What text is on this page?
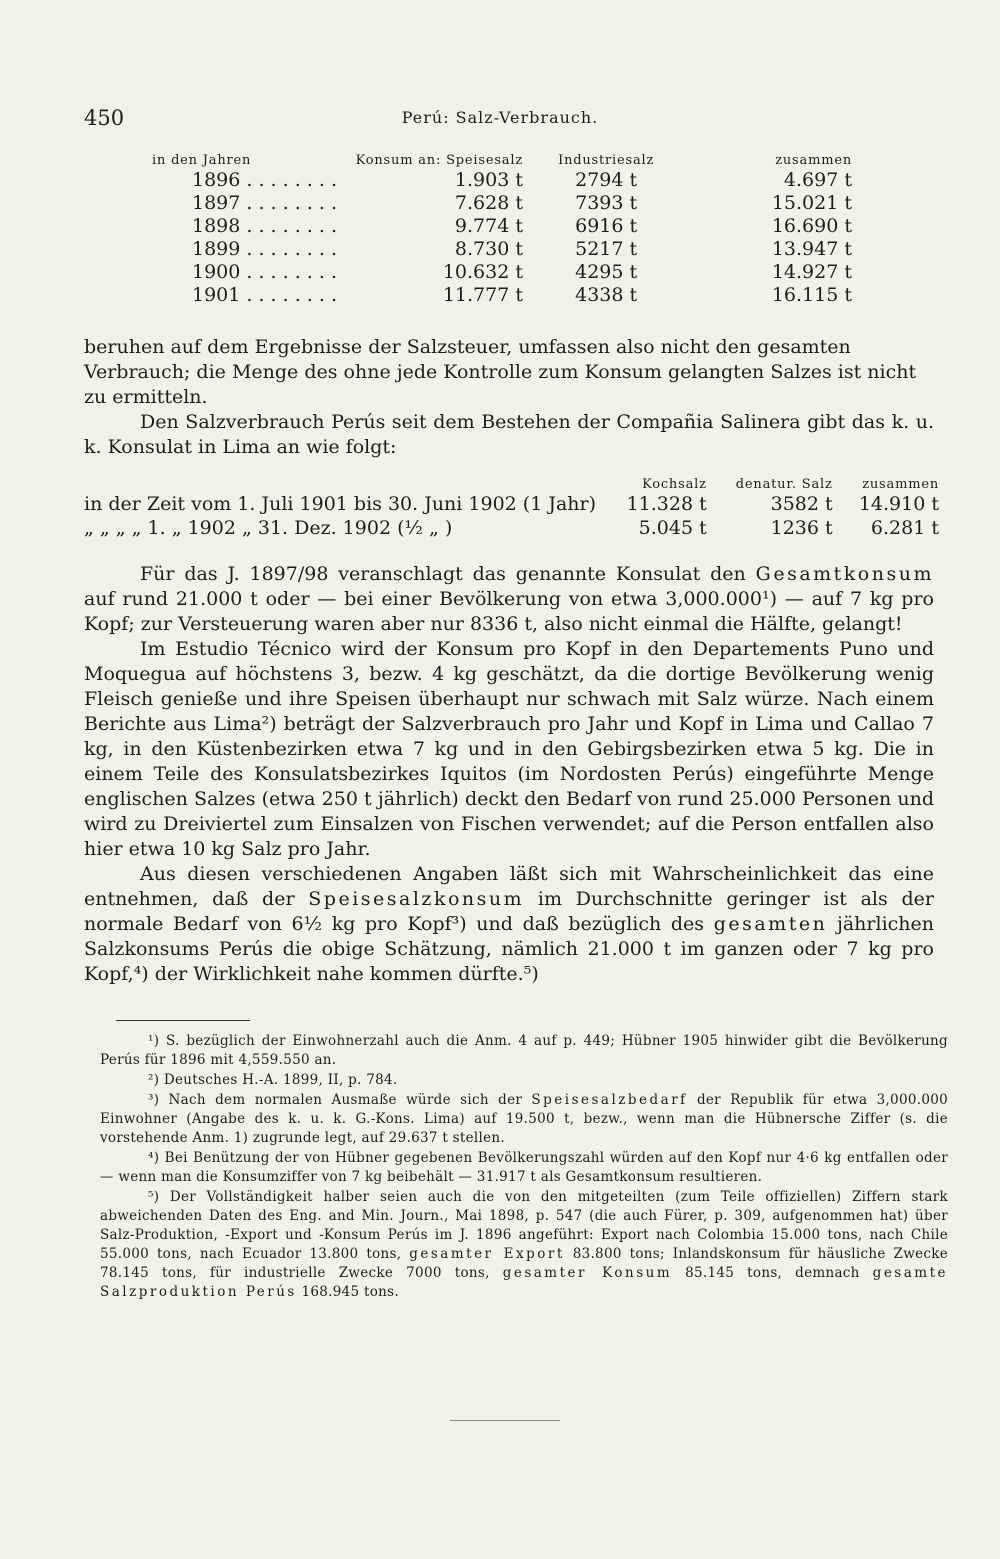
450	Perú: Salz-Verbrauch.
in den Jahren	Konsum an: Speisesalz	Industriesalz	zusammen
1896 . . . . . . . .	1.903 t	2794 t	4.697 t
1897 . . . . . . . .	7.628 t	7393 t	15.021 t
1898 . . . . . . . .	9.774 t	6916 t	16.690 t
1899 . . . . . . . .	8.730 t	5217 t	13.947 t
1900 . . . . . . . .	10.632 t	4295 t	14.927 t
1901 . . . . . . . .	11.777 t	4338 t	16.115 t

beruhen auf dem Ergebnisse der Salzsteuer, umfassen also nicht den gesamten Verbrauch; die Menge des ohne jede Kontrolle zum Konsum gelangten Salzes ist nicht zu ermitteln.

Den Salzverbrauch Perús seit dem Bestehen der Compañia Salinera gibt das k. u. k. Konsulat in Lima an wie folgt:

	Kochsalz	denatur. Salz	zusammen
in der Zeit vom 1. Juli 1901 bis 30. Juni 1902 (1 Jahr)	11.328 t	3582 t	14.910 t
„ „ „ „ 1. „ 1902 „ 31. Dez. 1902 (½ „ )	5.045 t	1236 t	6.281 t

Für das J. 1897/98 veranschlagt das genannte Konsulat den Gesamtkonsum auf rund 21.000 t oder — bei einer Bevölkerung von etwa 3,000.000¹) — auf 7 kg pro Kopf; zur Versteuerung waren aber nur 8336 t, also nicht einmal die Hälfte, gelangt!

Im Estudio Técnico wird der Konsum pro Kopf in den Departements Puno und Moquegua auf höchstens 3, bezw. 4 kg geschätzt, da die dortige Bevölkerung wenig Fleisch genieße und ihre Speisen überhaupt nur schwach mit Salz würze. Nach einem Berichte aus Lima²) beträgt der Salzverbrauch pro Jahr und Kopf in Lima und Callao 7 kg, in den Küstenbezirken etwa 7 kg und in den Gebirgsbezirken etwa 5 kg. Die in einem Teile des Konsulatsbezirkes Iquitos (im Nordosten Perús) eingeführte Menge englischen Salzes (etwa 250 t jährlich) deckt den Bedarf von rund 25.000 Personen und wird zu Dreiviertel zum Einsalzen von Fischen verwendet; auf die Person entfallen also hier etwa 10 kg Salz pro Jahr.

Aus diesen verschiedenen Angaben läßt sich mit Wahrscheinlichkeit das eine entnehmen, daß der Speisesalzkonsum im Durchschnitte geringer ist als der normale Bedarf von 6½ kg pro Kopf³) und daß bezüglich des gesamten jährlichen Salzkonsums Perús die obige Schätzung, nämlich 21.000 t im ganzen oder 7 kg pro Kopf,⁴) der Wirklichkeit nahe kommen dürfte.⁵)

¹) S. bezüglich der Einwohnerzahl auch die Anm. 4 auf p. 449; Hübner 1905 hinwider gibt die Bevölkerung Perús für 1896 mit 4,559.550 an.

²) Deutsches H.-A. 1899, II, p. 784.

³) Nach dem normalen Ausmaße würde sich der Speisesalzbedarf der Republik für etwa 3,000.000 Einwohner (Angabe des k. u. k. G.-Kons. Lima) auf 19.500 t, bezw., wenn man die Hübnersche Ziffer (s. die vorstehende Anm. 1) zugrunde legt, auf 29.637 t stellen.

⁴) Bei Benützung der von Hübner gegebenen Bevölkerungszahl würden auf den Kopf nur 4·6 kg entfallen oder — wenn man die Konsumziffer von 7 kg beibehält — 31.917 t als Gesamtkonsum resultieren.

⁵) Der Vollständigkeit halber seien auch die von den mitgeteilten (zum Teile offiziellen) Ziffern stark abweichenden Daten des Eng. and Min. Journ., Mai 1898, p. 547 (die auch Fürer, p. 309, aufgenommen hat) über Salz-Produktion, -Export und -Konsum Perús im J. 1896 angeführt: Export nach Colombia 15.000 tons, nach Chile 55.000 tons, nach Ecuador 13.800 tons, gesamter Export 83.800 tons; Inlandskonsum für häusliche Zwecke 78.145 tons, für industrielle Zwecke 7000 tons, gesamter Konsum 85.145 tons, demnach gesamte Salzproduktion Perús 168.945 tons.
